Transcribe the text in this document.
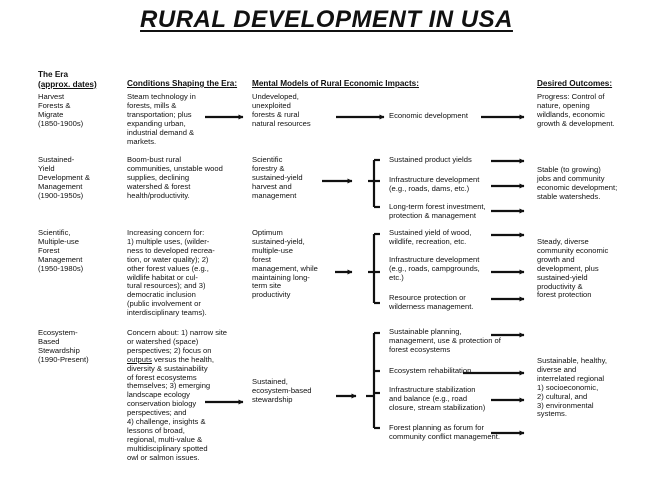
RURAL DEVELOPMENT IN USA
The Era
(approx. dates)	Conditions Shaping the Era: Mental Models of Rural Economic Impacts:	Desired Outcomes:
Harvest
Forests &
Migrate
(1850-1900s)
Steam technology in
forests, mills &
transportation; plus
expanding urban,
industrial demand &
markets.
Undeveloped,
unexploited
forests & rural
natural resources
Economic development
Progress: Control of
nature, opening
wildlands, economic
growth & development.
Sustained-
Yield
Development &
Management
(1900-1950s)
Boom-bust rural
communities, unstable wood
supplies, declining
watershed & forest
health/productivity.
Scientific
forestry &
sustained-yield
harvest and
management
Sustained product yields
Infrastructure development
(e.g., roads, dams, etc.)
Long-term forest investment,
protection & management
Stable (to growing)
jobs and community
economic development;
stable watersheds.
Scientific,
Multiple-use
Forest
Management
(1950-1980s)
Increasing concern for:
1) multiple uses, (wilder-
ness to developed recrea-
tion, or water quality); 2)
other forest values (e.g.,
wildlife habitat or cul-
tural resources); and 3)
democratic inclusion
(public involvement or
interdisciplinary teams).
Optimum
sustained-yield,
multiple-use
forest
management, while
maintaining long-
term site
productivity
Sustained yield of wood,
wildlife, recreation, etc.
Infrastructure development
(e.g., roads, campgrounds,
etc.)
Resource protection or
wilderness management.
Steady, diverse
community economic
growth and
development, plus
sustained-yield
productivity &
forest protection
Ecosystem-
Based
Stewardship
(1990-Present)
Concern about: 1) narrow site
or watershed (space)
perspectives; 2) focus on
outputs versus the health,
diversity & sustainability
of forest ecosystems
themselves; 3) emerging
landscape ecology
conservation biology
perspectives; and
4) challenge, insights &
lessons of broad,
regional, multi-value &
multidisciplinary spotted
owl or salmon issues.
Sustained,
ecosystem-based
stewardship
Sustainable planning,
management, use & protection of
forest ecosystems
Ecosystem rehabilitation
Infrastructure stabilization
and balance (e.g., road
closure, stream stabilization)
Forest planning as forum for
community conflict management.
Sustainable, healthy,
diverse and
interrelated regional
1) socioeconomic,
2) cultural, and
3) environmental
systems.
